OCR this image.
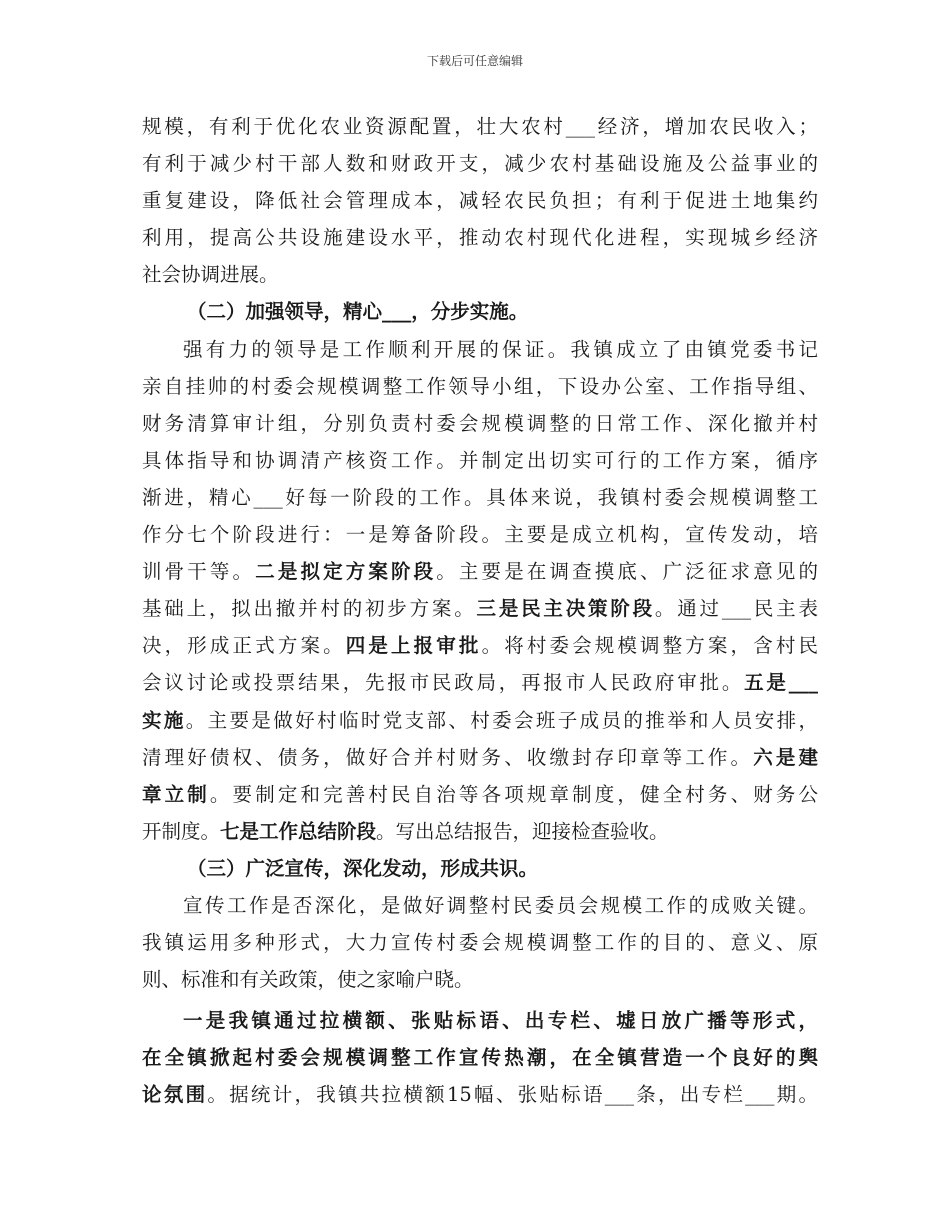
下载后可任意编辑
规模，有利于优化农业资源配置，壮大农村___经济，增加农民收入；
有利于减少村干部人数和财政开支，减少农村基础设施及公益事业的
重复建设，降低社会管理成本，减轻农民负担；有利于促进土地集约
利用，提高公共设施建设水平，推动农村现代化进程，实现城乡经济
社会协调进展。
（二）加强领导，精心___，分步实施。
强有力的领导是工作顺利开展的保证。我镇成立了由镇党委书记
亲自挂帅的村委会规模调整工作领导小组，下设办公室、工作指导组、
财务清算审计组，分别负责村委会规模调整的日常工作、深化撤并村
具体指导和协调清产核资工作。并制定出切实可行的工作方案，循序
渐进，精心___好每一阶段的工作。具体来说，我镇村委会规模调整工
作分七个阶段进行：一是筹备阶段。主要是成立机构，宣传发动，培
训骨干等。二是拟定方案阶段。主要是在调查摸底、广泛征求意见的
基础上，拟出撤并村的初步方案。三是民主决策阶段。通过___民主表
决，形成正式方案。四是上报审批。将村委会规模调整方案，含村民
会议讨论或投票结果，先报市民政局，再报市人民政府审批。五是___
实施。主要是做好村临时党支部、村委会班子成员的推举和人员安排，
清理好债权、债务，做好合并村财务、收缴封存印章等工作。六是建
章立制。要制定和完善村民自治等各项规章制度，健全村务、财务公
开制度。七是工作总结阶段。写出总结报告，迎接检查验收。
（三）广泛宣传，深化发动，形成共识。
宣传工作是否深化，是做好调整村民委员会规模工作的成败关键。
我镇运用多种形式，大力宣传村委会规模调整工作的目的、意义、原
则、标准和有关政策，使之家喻户晓。
一是我镇通过拉横额、张贴标语、出专栏、墟日放广播等形式，
在全镇掀起村委会规模调整工作宣传热潮，在全镇营造一个良好的舆
论氛围。据统计，我镇共拉横额15幅、张贴标语___条，出专栏___期。
